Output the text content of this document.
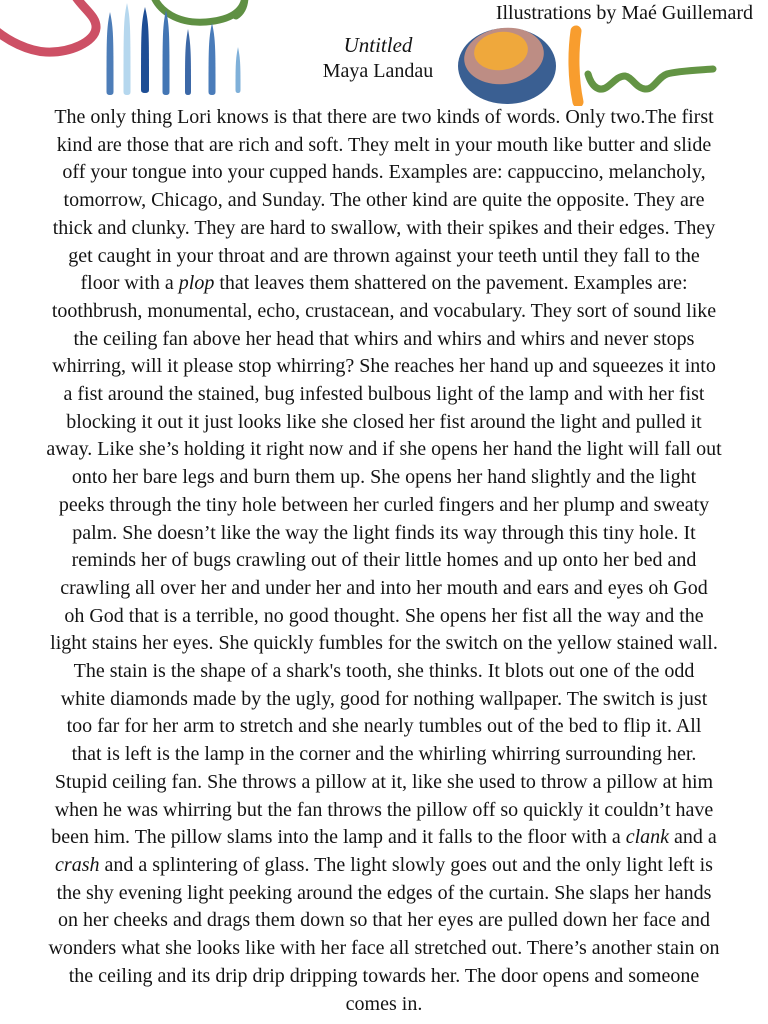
Illustrations by Maé Guillemard
Untitled
Maya Landau
The only thing Lori knows is that there are two kinds of words. Only two.The first
kind are those that are rich and soft. They melt in your mouth like butter and slide
off your tongue into your cupped hands. Examples are: cappuccino, melancholy,
tomorrow, Chicago, and Sunday. The other kind are quite the opposite. They are
thick and clunky. They are hard to swallow, with their spikes and their edges. They
get caught in your throat and are thrown against your teeth until they fall to the
floor with a plop that leaves them shattered on the pavement. Examples are:
toothbrush, monumental, echo, crustacean, and vocabulary. They sort of sound like
the ceiling fan above her head that whirs and whirs and whirs and never stops
whirring, will it please stop whirring? She reaches her hand up and squeezes it into
a fist around the stained, bug infested bulbous light of the lamp and with her fist
blocking it out it just looks like she closed her fist around the light and pulled it
away. Like she’s holding it right now and if she opens her hand the light will fall out
onto her bare legs and burn them up. She opens her hand slightly and the light
peeks through the tiny hole between her curled fingers and her plump and sweaty
palm. She doesn’t like the way the light finds its way through this tiny hole. It
reminds her of bugs crawling out of their little homes and up onto her bed and
crawling all over her and under her and into her mouth and ears and eyes oh God
oh God that is a terrible, no good thought. She opens her fist all the way and the
light stains her eyes. She quickly fumbles for the switch on the yellow stained wall.
The stain is the shape of a shark's tooth, she thinks. It blots out one of the odd
white diamonds made by the ugly, good for nothing wallpaper. The switch is just
too far for her arm to stretch and she nearly tumbles out of the bed to flip it. All
that is left is the lamp in the corner and the whirling whirring surrounding her.
Stupid ceiling fan. She throws a pillow at it, like she used to throw a pillow at him
when he was whirring but the fan throws the pillow off so quickly it couldn’t have
been him. The pillow slams into the lamp and it falls to the floor with a clank and a
crash and a splintering of glass. The light slowly goes out and the only light left is
the shy evening light peeking around the edges of the curtain. She slaps her hands
on her cheeks and drags them down so that her eyes are pulled down her face and
wonders what she looks like with her face all stretched out. There’s another stain on
the ceiling and its drip drip dripping towards her. The door opens and someone
comes in.
